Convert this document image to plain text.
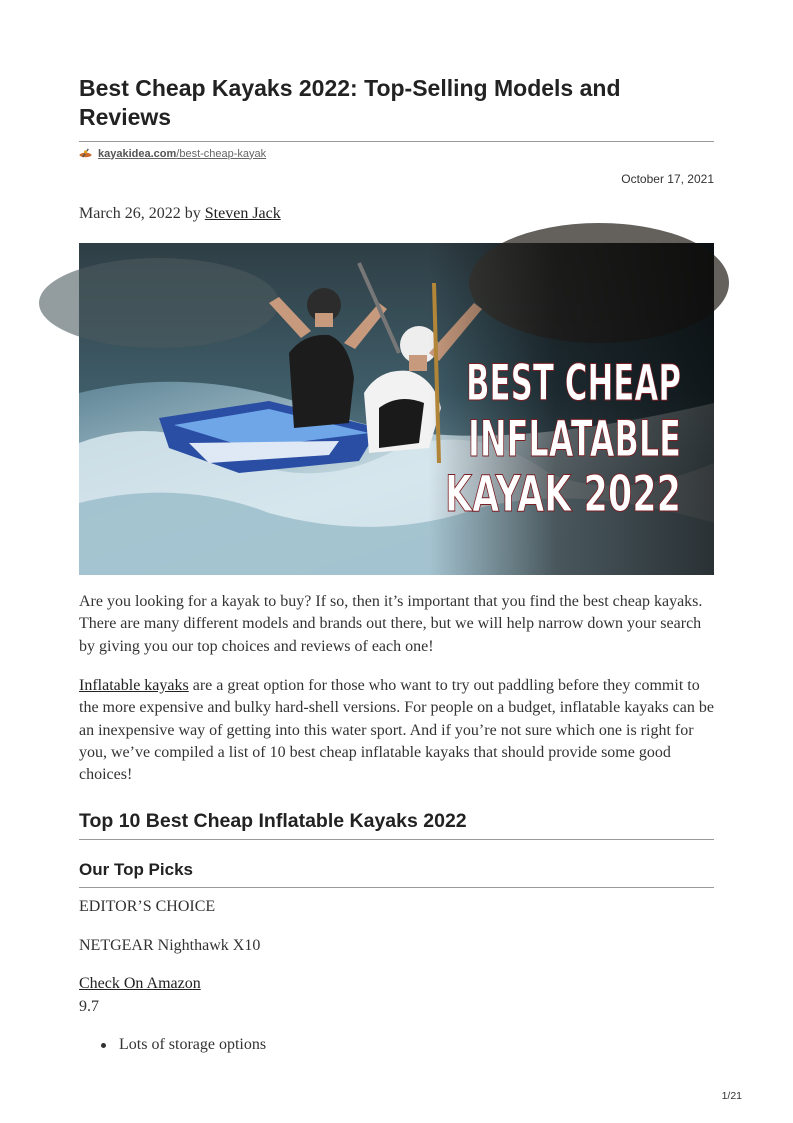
Best Cheap Kayaks 2022: Top-Selling Models and Reviews
kayakidea.com/best-cheap-kayak
October 17, 2021
March 26, 2022 by Steven Jack
BEST CHEAP
INFLATABLE
KAYAK 2022

Are you looking for a kayak to buy? If so, then it’s important that you find the best cheap kayaks. There are many different models and brands out there, but we will help narrow down your search by giving you our top choices and reviews of each one!

Inflatable kayaks are a great option for those who want to try out paddling before they commit to the more expensive and bulky hard-shell versions. For people on a budget, inflatable kayaks can be an inexpensive way of getting into this water sport. And if you’re not sure which one is right for you, we’ve compiled a list of 10 best cheap inflatable kayaks that should provide some good choices!

Top 10 Best Cheap Inflatable Kayaks 2022
Our Top Picks
EDITOR’S CHOICE
NETGEAR Nighthawk X10
Check On Amazon
9.7
Lots of storage options
1/21
